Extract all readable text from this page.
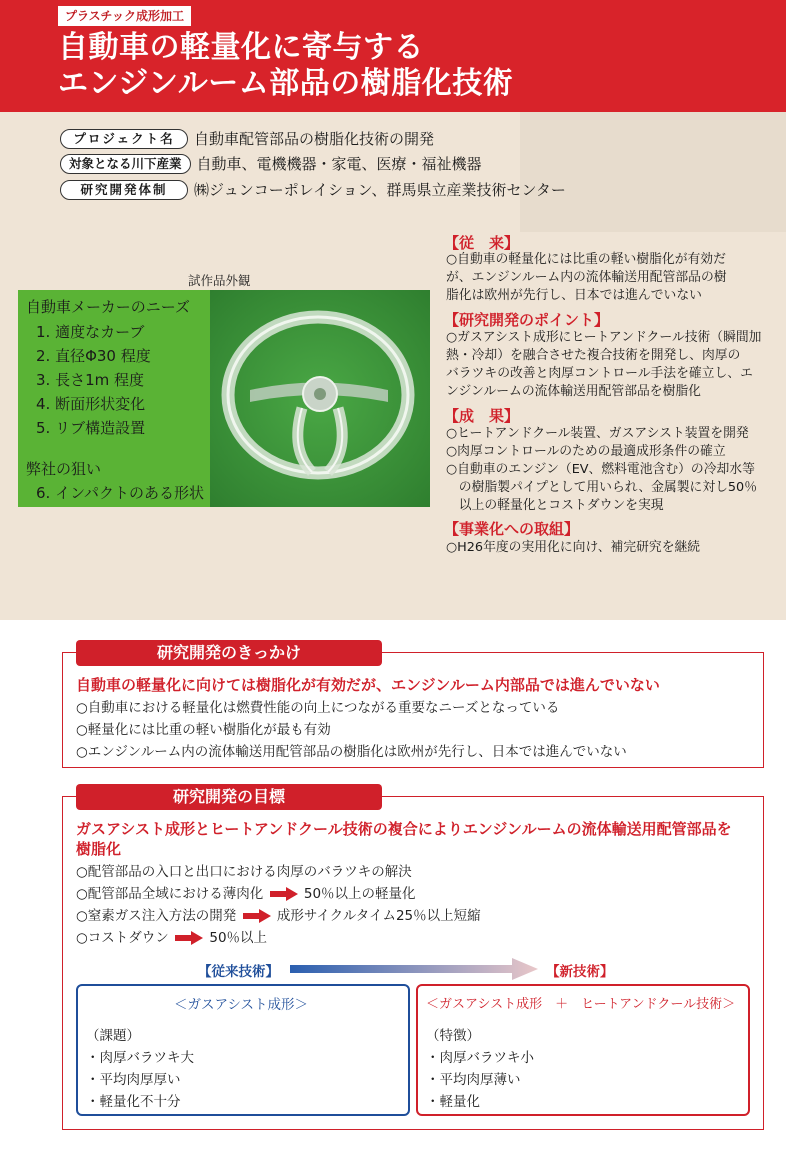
プラスチック成形加工
自動車の軽量化に寄与する
エンジンルーム部品の樹脂化技術
プロジェクト名 自動車配管部品の樹脂化技術の開発
対象となる川下産業 自動車、電機機器・家電、医療・福祉機器
研究開発体制 ㈱ジュンコーポレイション、群馬県立産業技術センター
試作品外観
自動車メーカーのニーズ
1. 適度なカーブ
2. 直径Φ30 程度
3. 長さ1m 程度
4. 断面形状変化
5. リブ構造設置
弊社の狙い
6. インパクトのある形状
【従　来】
○自動車の軽量化には比重の軽い樹脂化が有効だ
が、エンジンルーム内の流体輸送用配管部品の樹
脂化は欧州が先行し、日本では進んでいない
【研究開発のポイント】
○ガスアシスト成形にヒートアンドクール技術（瞬間加
熱・冷却）を融合させた複合技術を開発し、肉厚の
バラツキの改善と肉厚コントロール手法を確立し、エ
ンジンルームの流体輸送用配管部品を樹脂化
【成　果】
○ヒートアンドクール装置、ガスアシスト装置を開発
○肉厚コントロールのための最適成形条件の確立
○自動車のエンジン（EV、燃料電池含む）の冷却水等
　の樹脂製パイプとして用いられ、金属製に対し50％
　以上の軽量化とコストダウンを実現
【事業化への取組】
○H26年度の実用化に向け、補完研究を継続
研究開発のきっかけ
自動車の軽量化に向けては樹脂化が有効だが、エンジンルーム内部品では進んでいない
○自動車における軽量化は燃費性能の向上につながる重要なニーズとなっている
○軽量化には比重の軽い樹脂化が最も有効
○エンジンルーム内の流体輸送用配管部品の樹脂化は欧州が先行し、日本では進んでいない
研究開発の目標
ガスアシスト成形とヒートアンドクール技術の複合によりエンジンルームの流体輸送用配管部品を
樹脂化
○配管部品の入口と出口における肉厚のバラツキの解決
○配管部品全域における薄肉化	50％以上の軽量化
○窒素ガス注入方法の開発	成形サイクルタイム25％以上短縮
○コストダウン	50％以上
【従来技術】	【新技術】
＜ガスアシスト成形＞
（課題）
・肉厚バラツキ大
・平均肉厚厚い
・軽量化不十分
＜ガスアシスト成形　＋　ヒートアンドクール技術＞
（特徴）
・肉厚バラツキ小
・平均肉厚薄い
・軽量化
